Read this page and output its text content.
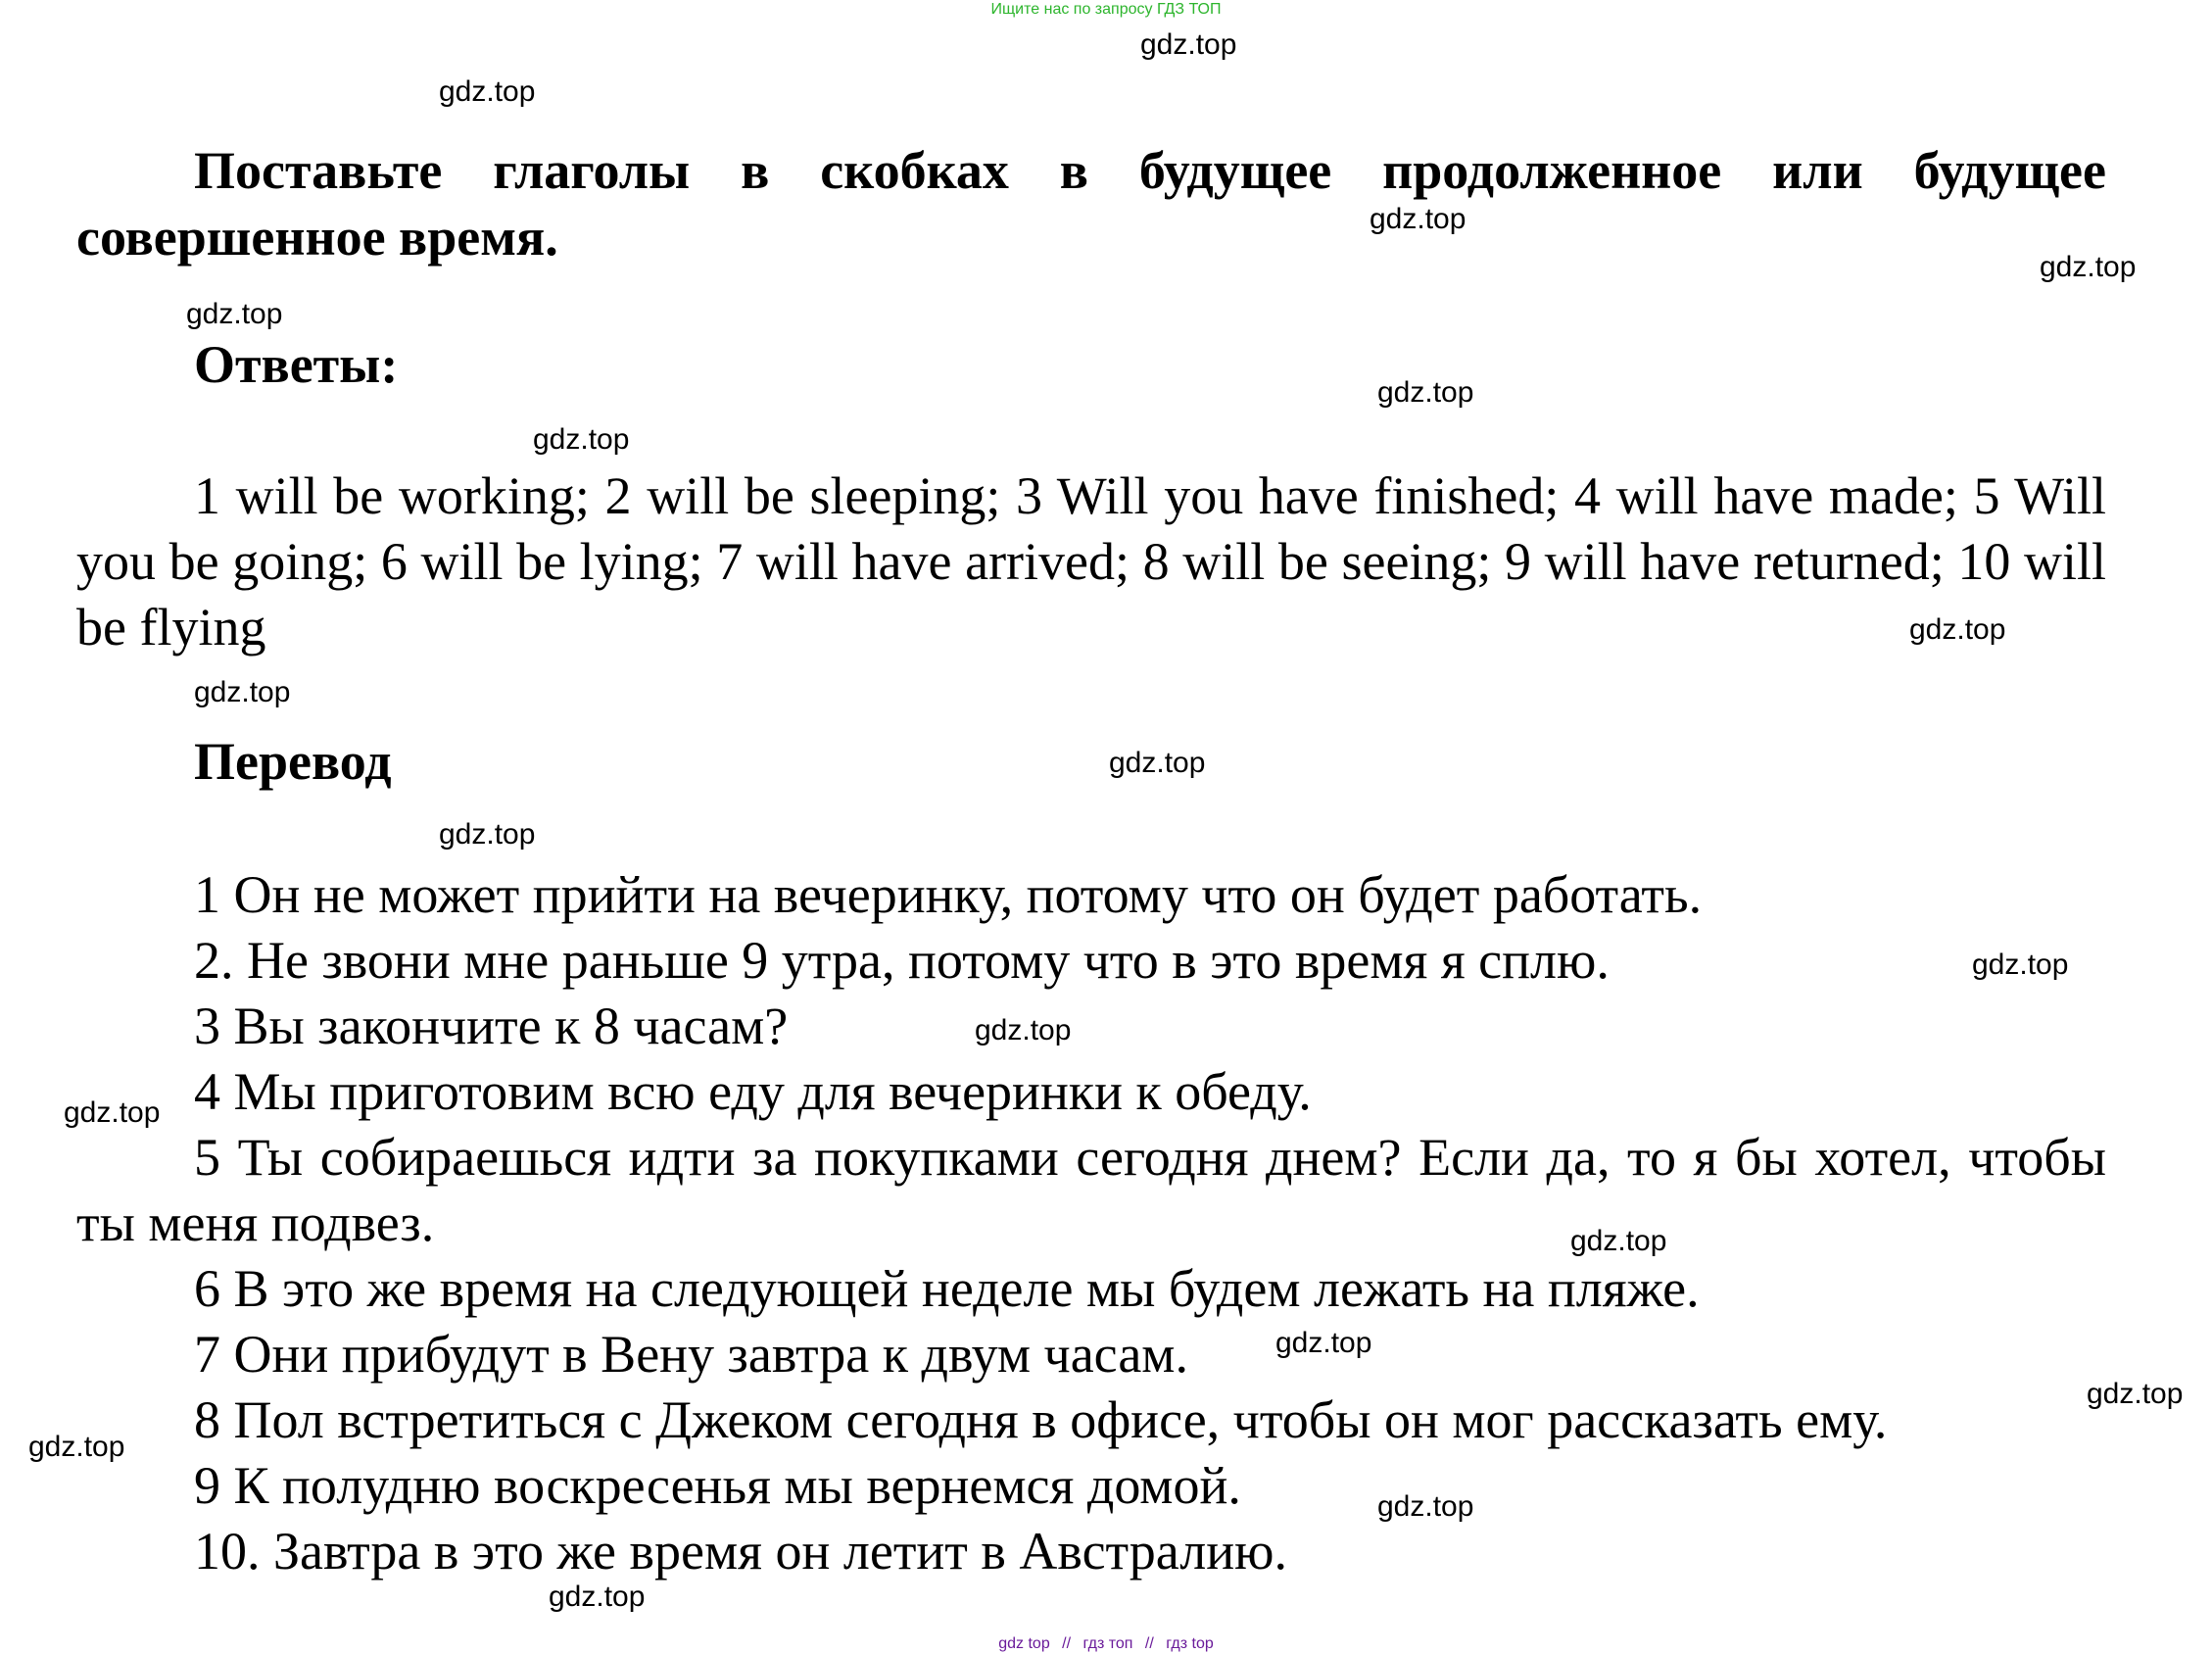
Ищите нас по запросу ГДЗ ТОП

Поставьте глаголы в скобках в будущее продолженное или будущее совершенное время.

Ответы:

1 will be working; 2 will be sleeping; 3 Will you have finished; 4 will have made; 5 Will you be going; 6 will be lying; 7 will have arrived; 8 will be seeing; 9 will have returned; 10 will be flying

Перевод
1 Он не может прийти на вечеринку, потому что он будет работать.
2. Не звони мне раньше 9 утра, потому что в это время я сплю.
3 Вы закончите к 8 часам?
4 Мы приготовим всю еду для вечеринки к обеду.
5 Ты собираешься идти за покупками сегодня днем? Если да, то я бы хотел, чтобы ты меня подвез.
6 В это же время на следующей неделе мы будем лежать на пляже.
7 Они прибудут в Вену завтра к двум часам.
8 Пол встретиться с Джеком сегодня в офисе, чтобы он мог рассказать ему.
9 К полудню воскресенья мы вернемся домой.
10. Завтра в это же время он летит в Австралию.
gdz.top
gdz.top
gdz.top
gdz.top
gdz.top
gdz.top
gdz.top
gdz.top
gdz.top
gdz.top
gdz.top
gdz.top
gdz.top
gdz.top
gdz.top
gdz.top
gdz.top
gdz.top
gdz.top
gdz.top
gdz top // гдз топ // гдз top
